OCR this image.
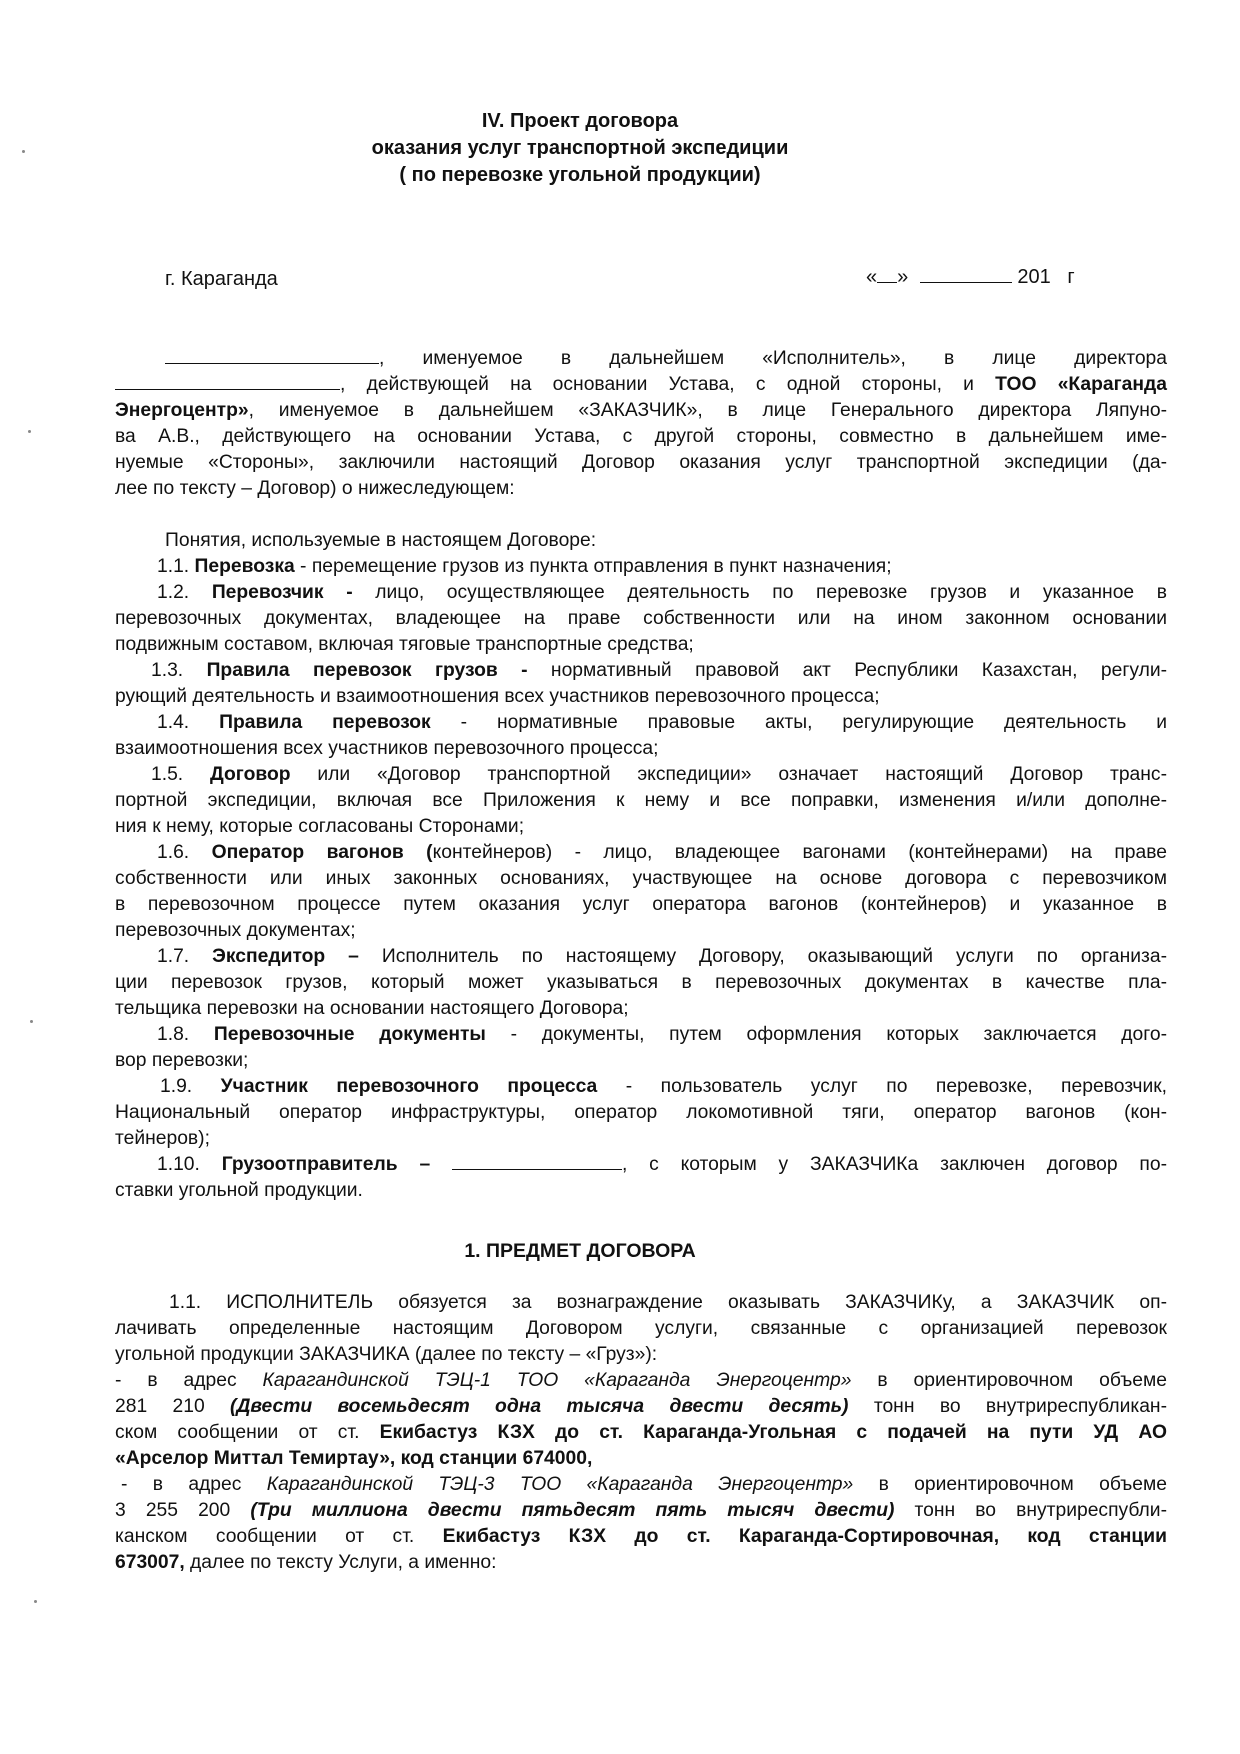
IV. Проект договора
оказания услуг транспортной экспедиции
( по перевозке угольной продукции)
г. Караганда	« »	201 г
, именуемое в дальнейшем «Исполнитель», в лице директора
, действующей на основании Устава, с одной стороны, и ТОО «Караганда
Энергоцентр», именуемое в дальнейшем «ЗАКАЗЧИК», в лице Генерального директора Ляпуно-
ва А.В., действующего на основании Устава, с другой стороны, совместно в дальнейшем име-
нуемые «Стороны», заключили настоящий Договор оказания услуг транспортной экспедиции (да-
лее по тексту – Договор) о нижеследующем:
Понятия, используемые в настоящем Договоре:
1.1. Перевозка - перемещение грузов из пункта отправления в пункт назначения;
1.2. Перевозчик - лицо, осуществляющее деятельность по перевозке грузов и указанное в
перевозочных документах, владеющее на праве собственности или на ином законном основании
подвижным составом, включая тяговые транспортные средства;
1.3. Правила перевозок грузов - нормативный правовой акт Республики Казахстан, регули-
рующий деятельность и взаимоотношения всех участников перевозочного процесса;
1.4. Правила перевозок - нормативные правовые акты, регулирующие деятельность и
взаимоотношения всех участников перевозочного процесса;
1.5. Договор или «Договор транспортной экспедиции» означает настоящий Договор транс-
портной экспедиции, включая все Приложения к нему и все поправки, изменения и/или дополне-
ния к нему, которые согласованы Сторонами;
1.6. Оператор вагонов (контейнеров) - лицо, владеющее вагонами (контейнерами) на праве
собственности или иных законных основаниях, участвующее на основе договора с перевозчиком
в перевозочном процессе путем оказания услуг оператора вагонов (контейнеров) и указанное в
перевозочных документах;
1.7. Экспедитор – Исполнитель по настоящему Договору, оказывающий услуги по организа-
ции перевозок грузов, который может указываться в перевозочных документах в качестве пла-
тельщика перевозки на основании настоящего Договора;
1.8. Перевозочные документы - документы, путем оформления которых заключается дого-
вор перевозки;
1.9. Участник перевозочного процесса - пользователь услуг по перевозке, перевозчик,
Национальный оператор инфраструктуры, оператор локомотивной тяги, оператор вагонов (кон-
тейнеров);
1.10. Грузоотправитель –	, с которым у ЗАКАЗЧИКа заключен договор по-
ставки угольной продукции.
1. ПРЕДМЕТ ДОГОВОРА
1.1. ИСПОЛНИТЕЛЬ обязуется за вознаграждение оказывать ЗАКАЗЧИКу, а ЗАКАЗЧИК оп-
лачивать определенные настоящим Договором услуги, связанные с организацией перевозок
угольной продукции ЗАКАЗЧИКА (далее по тексту – «Груз»):
- в адрес Карагандинской ТЭЦ-1 ТОО «Караганда Энергоцентр» в ориентировочном объеме
281 210 (Двести восемьдесят одна тысяча двести десять) тонн во внутриреспубликан-
ском сообщении от ст. Екибастуз КЗХ до ст. Караганда-Угольная с подачей на пути УД АО
«Арселор Миттал Темиртау», код станции 674000,
- в адрес Карагандинской ТЭЦ-3 ТОО «Караганда Энергоцентр» в ориентировочном объеме
3 255 200 (Три миллиона двести пятьдесят пять тысяч двести) тонн во внутриреспубли-
канском сообщении от ст. Екибастуз КЗХ до ст. Караганда-Сортировочная, код станции
673007, далее по тексту Услуги, а именно:
